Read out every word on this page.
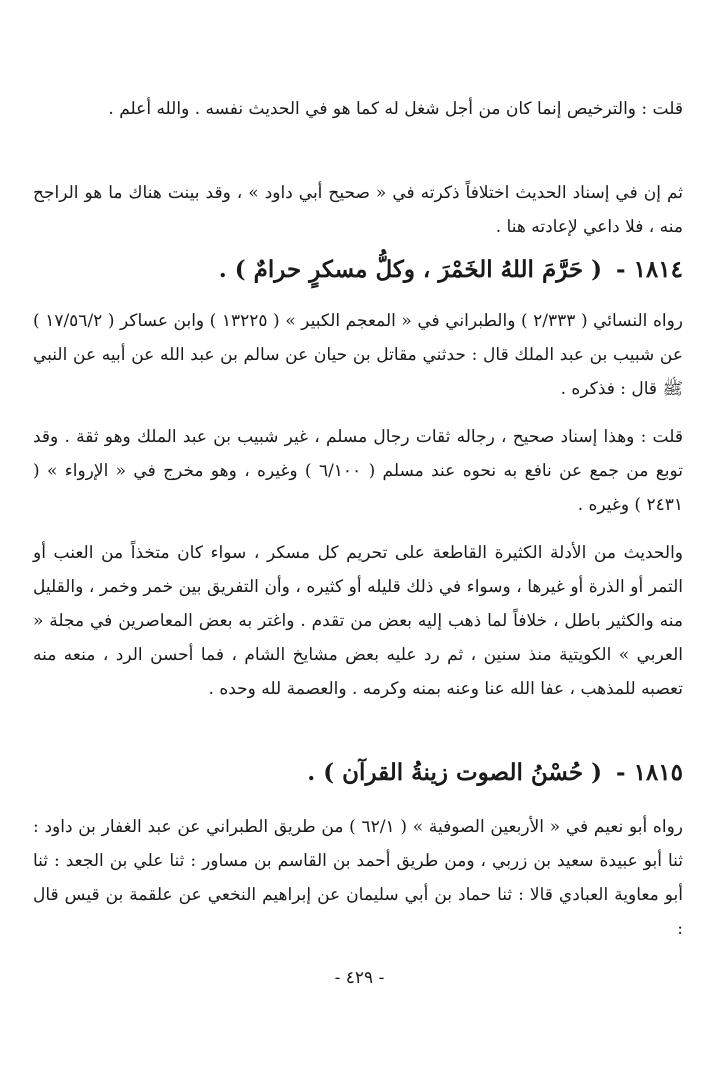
قلت : والترخيص إنما كان من أجل شغل له كما هو في الحديث نفسه . والله أعلم .

ثم إن في إسناد الحديث اختلافاً ذكرته في « صحيح أبي داود » ، وقد بينت هناك ما هو الراجح منه ، فلا داعي لإعادته هنا .

١٨١٤ - ( حَرَّمَ اللهُ الخَمْرَ ، وكلُّ مسكرٍ حرامٌ ) .

رواه النسائي ( ٢/٣٣٣ ) والطبراني في « المعجم الكبير » ( ١٣٢٢٥ ) وابن عساكر ( ١٧/٥٦/٢ ) عن شبيب بن عبد الملك قال : حدثني مقاتل بن حيان عن سالم بن عبد الله عن أبيه عن النبي ﷺ قال : فذكره .

قلت : وهذا إسناد صحيح ، رجاله ثقات رجال مسلم ، غير شبيب بن عبد الملك وهو ثقة . وقد توبع من جمع عن نافع به نحوه عند مسلم ( ٦/١٠٠ ) وغيره ، وهو مخرج في « الإرواء » ( ٢٤٣١ ) وغيره .

والحديث من الأدلة الكثيرة القاطعة على تحريم كل مسكر ، سواء كان متخذاً من العنب أو التمر أو الذرة أو غيرها ، وسواء في ذلك قليله أو كثيره ، وأن التفريق بين خمر وخمر ، والقليل منه والكثير باطل ، خلافاً لما ذهب إليه بعض من تقدم . واغتر به بعض المعاصرين في مجلة « العربي » الكويتية منذ سنين ، ثم رد عليه بعض مشايخ الشام ، فما أحسن الرد ، منعه منه تعصبه للمذهب ، عفا الله عنا وعنه بمنه وكرمه . والعصمة لله وحده .

١٨١٥ - ( حُسْنُ الصوت زينةُ القرآن ) .

رواه أبو نعيم في « الأربعين الصوفية » ( ٦٢/١ ) من طريق الطبراني عن عبد الغفار بن داود : ثنا أبو عبيدة سعيد بن زربي ، ومن طريق أحمد بن القاسم بن مساور : ثنا علي بن الجعد : ثنا أبو معاوية العبادي قالا : ثنا حماد بن أبي سليمان عن إبراهيم النخعي عن علقمة بن قيس قال :

- ٤٢٩ -
